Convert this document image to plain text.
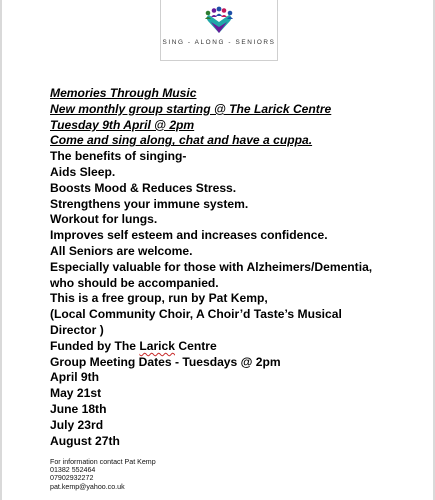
SING - ALONG - SENIORS
Memories Through Music
New monthly group starting @ The Larick Centre
Tuesday 9th April @ 2pm
Come and sing along, chat and have a cuppa.
The benefits of singing-
Aids Sleep.
Boosts Mood & Reduces Stress.
Strengthens your immune system.
Workout for lungs.
Improves self esteem and increases confidence.
All Seniors are welcome.
Especially valuable for those with Alzheimers/Dementia,
who should be accompanied.
This is a free group, run by Pat Kemp,
(Local Community Choir, A Choir’d Taste’s Musical
Director )
Funded by The Larick Centre
Group Meeting Dates - Tuesdays @ 2pm
April 9th
May 21st
June 18th
July 23rd
August 27th
For information contact Pat Kemp
01382 552464
07902932272
pat.kemp@yahoo.co.uk
